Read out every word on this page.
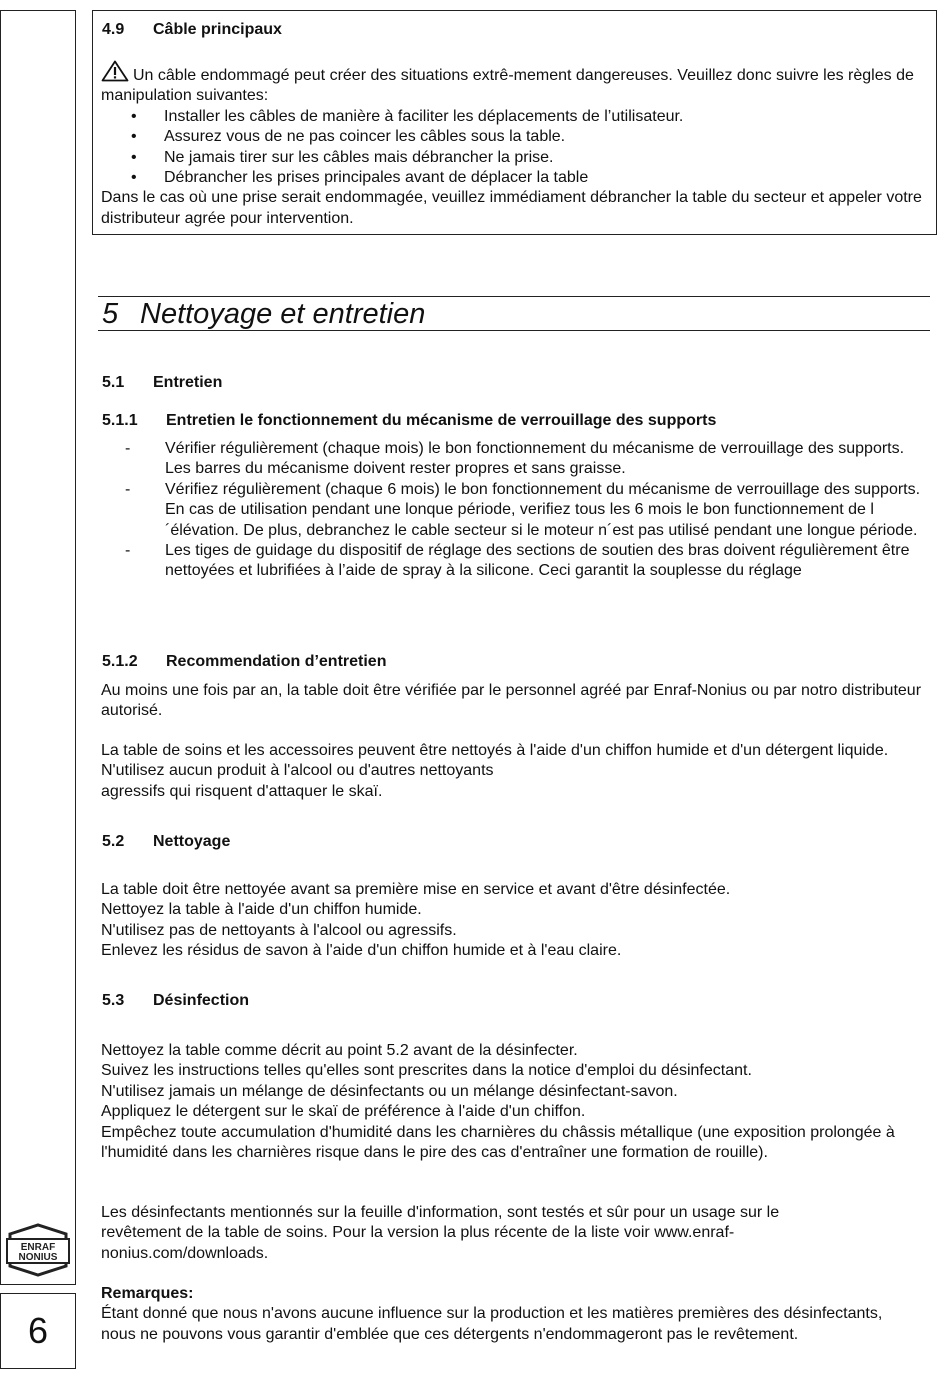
ENRAF
NONIUS
6
4.9 Câble principaux

Un câble endommagé peut créer des situations extrê-mement dangereuses. Veuillez donc suivre les règles de manipulation suivantes:

• Installer les câbles de manière à faciliter les déplacements de l’utilisateur.
• Assurez vous de ne pas coincer les câbles sous la table.
• Ne jamais tirer sur les câbles mais débrancher la prise.
• Débrancher les prises principales avant de déplacer la table

Dans le cas où une prise serait endommagée, veuillez immédiament débrancher la table du secteur et appeler votre distributeur agrée pour intervention.

5 Nettoyage et entretien
5.1 Entretien
5.1.1 Entretien le fonctionnement du mécanisme de verrouillage des supports
- Vérifier régulièrement (chaque mois) le bon fonctionnement du mécanisme de verrouillage des supports. Les barres du mécanisme doivent rester propres et sans graisse.
- Vérifiez régulièrement (chaque 6 mois) le bon fonctionnement du mécanisme de verrouillage des supports. En cas de utilisation pendant une lonque période, verifiez tous les 6 mois le bon functionnement de l´élévation. De plus, debranchez le cable secteur si le moteur n´est pas utilisé pendant une longue période.
- Les tiges de guidage du dispositif de réglage des sections de soutien des bras doivent régulièrement être nettoyées et lubrifiées à l’aide de spray à la silicone. Ceci garantit la souplesse du réglage
5.1.2 Recommendation d’entretien

Au moins une fois par an, la table doit être vérifiée par le personnel agréé par Enraf-Nonius ou par notro distributeur autorisé.

La table de soins et les accessoires peuvent être nettoyés à l'aide d'un chiffon humide et d'un détergent liquide. N'utilisez aucun produit à l'alcool ou d'autres nettoyants

agressifs qui risquent d'attaquer le skaï.

5.2 Nettoyage

La table doit être nettoyée avant sa première mise en service et avant d'être désinfectée.

Nettoyez la table à l'aide d'un chiffon humide.

N'utilisez pas de nettoyants à l'alcool ou agressifs.

Enlevez les résidus de savon à l'aide d'un chiffon humide et à l'eau claire.

5.3 Désinfection

Nettoyez la table comme décrit au point 5.2 avant de la désinfecter.

Suivez les instructions telles qu'elles sont prescrites dans la notice d'emploi du désinfectant.

N'utilisez jamais un mélange de désinfectants ou un mélange désinfectant-savon.

Appliquez le détergent sur le skaï de préférence à l'aide d'un chiffon.

Empêchez toute accumulation d'humidité dans les charnières du châssis métallique (une exposition prolongée à l'humidité dans les charnières risque dans le pire des cas d'entraîner une formation de rouille).

Les désinfectants mentionnés sur la feuille d'information, sont testés et sûr pour un usage sur le revêtement de la table de soins. Pour la version la plus récente de la liste voir www.enraf-nonius.com/downloads.

Remarques:

Étant donné que nous n'avons aucune influence sur la production et les matières premières des désinfectants, nous ne pouvons vous garantir d'emblée que ces détergents n'endommageront pas le revêtement.
